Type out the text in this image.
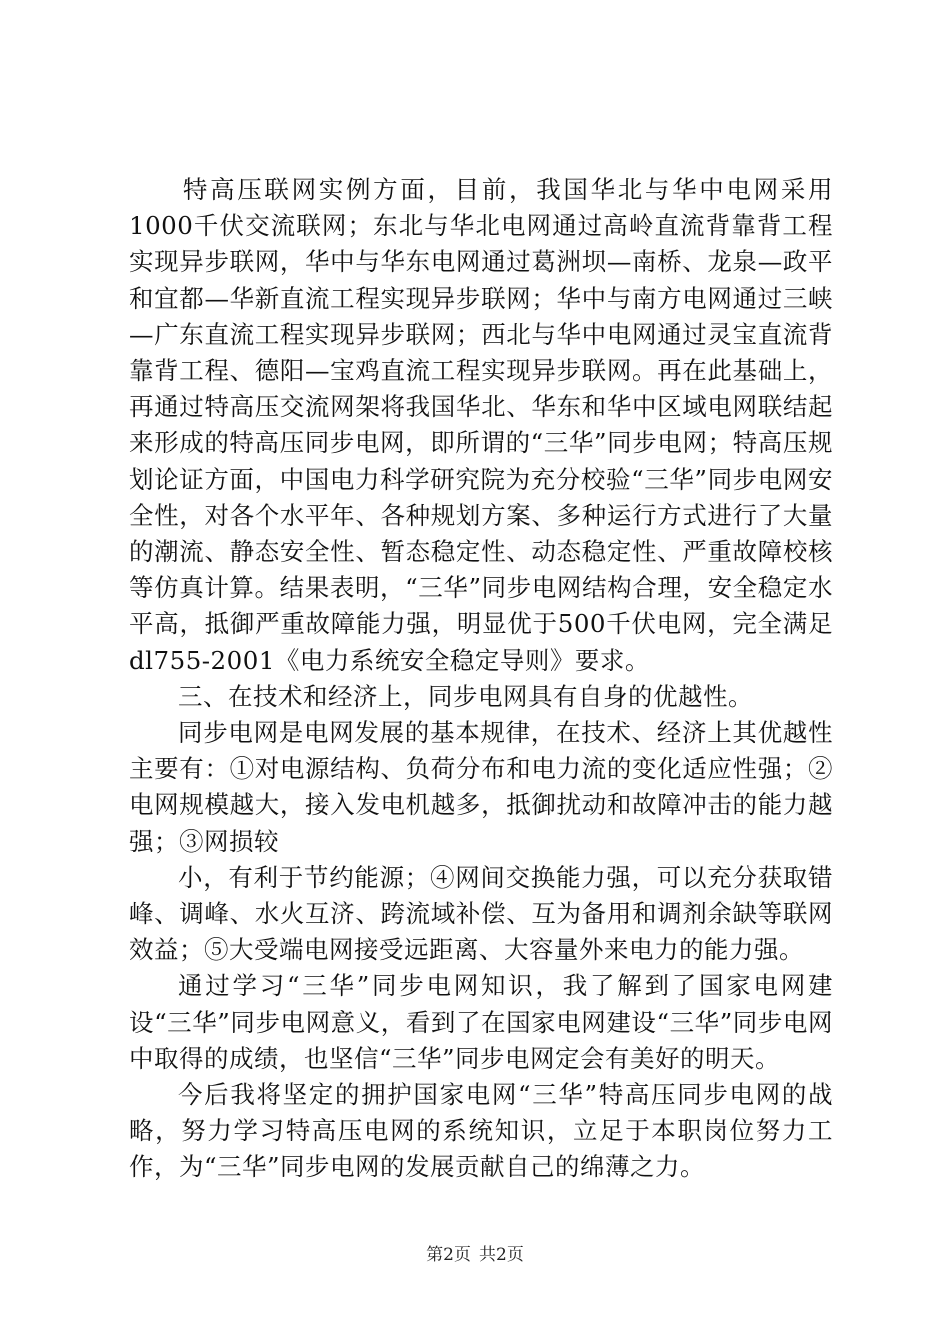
特高压联网实例方面，目前，我国华北与华中电网采用1000千伏交流联网；东北与华北电网通过高岭直流背靠背工程实现异步联网，华中与华东电网通过葛洲坝—南桥、龙泉—政平和宜都—华新直流工程实现异步联网；华中与南方电网通过三峡—广东直流工程实现异步联网；西北与华中电网通过灵宝直流背靠背工程、德阳—宝鸡直流工程实现异步联网。再在此基础上，再通过特高压交流网架将我国华北、华东和华中区域电网联结起来形成的特高压同步电网，即所谓的“三华”同步电网；特高压规划论证方面，中国电力科学研究院为充分校验“三华”同步电网安全性，对各个水平年、各种规划方案、多种运行方式进行了大量的潮流、静态安全性、暂态稳定性、动态稳定性、严重故障校核等仿真计算。结果表明，“三华”同步电网结构合理，安全稳定水平高，抵御严重故障能力强，明显优于500千伏电网，完全满足dl755-2001《电力系统安全稳定导则》要求。

三、在技术和经济上，同步电网具有自身的优越性。

同步电网是电网发展的基本规律，在技术、经济上其优越性主要有：①对电源结构、负荷分布和电力流的变化适应性强；②电网规模越大，接入发电机越多，抵御扰动和故障冲击的能力越强；③网损较

小，有利于节约能源；④网间交换能力强，可以充分获取错峰、调峰、水火互济、跨流域补偿、互为备用和调剂余缺等联网效益；⑤大受端电网接受远距离、大容量外来电力的能力强。

通过学习“三华”同步电网知识，我了解到了国家电网建设“三华”同步电网意义，看到了在国家电网建设“三华”同步电网中取得的成绩，也坚信“三华”同步电网定会有美好的明天。

今后我将坚定的拥护国家电网“三华”特高压同步电网的战略，努力学习特高压电网的系统知识，立足于本职岗位努力工作，为“三华”同步电网的发展贡献自己的绵薄之力。

第2页 共2页
